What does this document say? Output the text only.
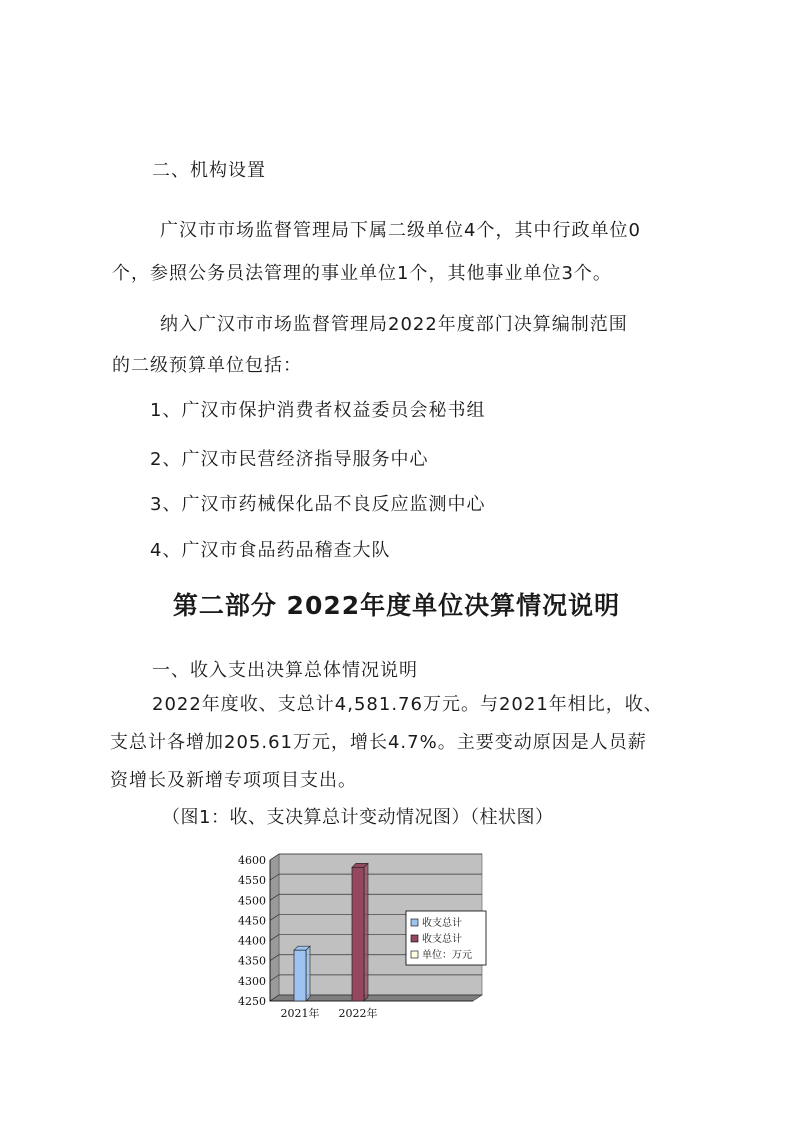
二、机构设置
广汉市市场监督管理局下属二级单位4个，其中行政单位0
个，参照公务员法管理的事业单位1个，其他事业单位3个。
纳入广汉市市场监督管理局2022年度部门决算编制范围
的二级预算单位包括：
1、广汉市保护消费者权益委员会秘书组
2、广汉市民营经济指导服务中心
3、广汉市药械保化品不良反应监测中心
4、广汉市食品药品稽查大队
第二部分 2022年度单位决算情况说明
一、收入支出决算总体情况说明
2022年度收、支总计4,581.76万元。与2021年相比，收、
支总计各增加205.61万元，增长4.7%。主要变动原因是人员薪
资增长及新增专项项目支出。
（图1：收、支决算总计变动情况图）（柱状图）
4250
4300
4350
4400
4450
4500
4550
4600
2021年 2022年
收支总计
收支总计
单位：万元
